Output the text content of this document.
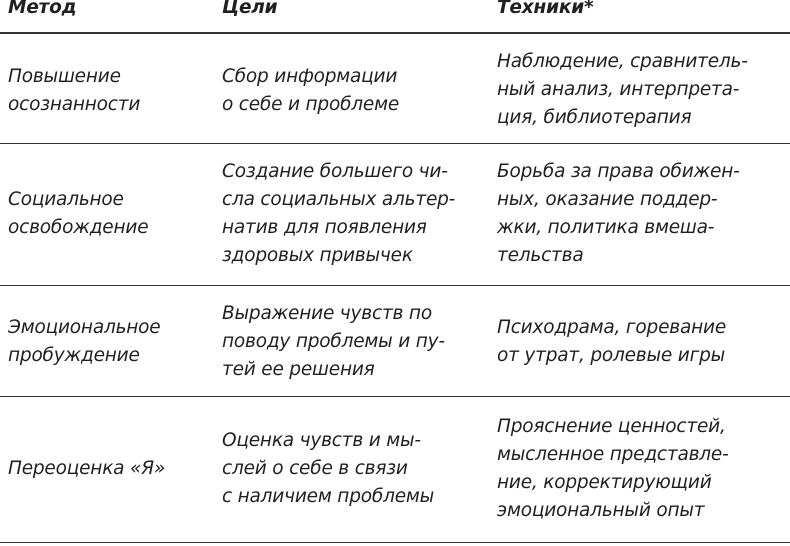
Метод	Цели	Техники*
Повышение
осознанности
Сбор информации
о себе и проблеме
Наблюдение, сравнитель-
ный анализ, интерпрета-
ция, библиотерапия
Социальное
освобождение
Создание большего чи-
сла социальных альтер-
натив для появления
здоровых привычек
Борьба за права обижен-
ных, оказание поддер-
жки, политика вмеша-
тельства
Эмоциональное
пробуждение
Выражение чувств по
поводу проблемы и пу-
тей ее решения
Психодрама, горевание
от утрат, ролевые игры
Переоценка «Я»
Оценка чувств и мы-
слей о себе в связи
с наличием проблемы
Прояснение ценностей,
мысленное представле-
ние, корректирующий
эмоциональный опыт
